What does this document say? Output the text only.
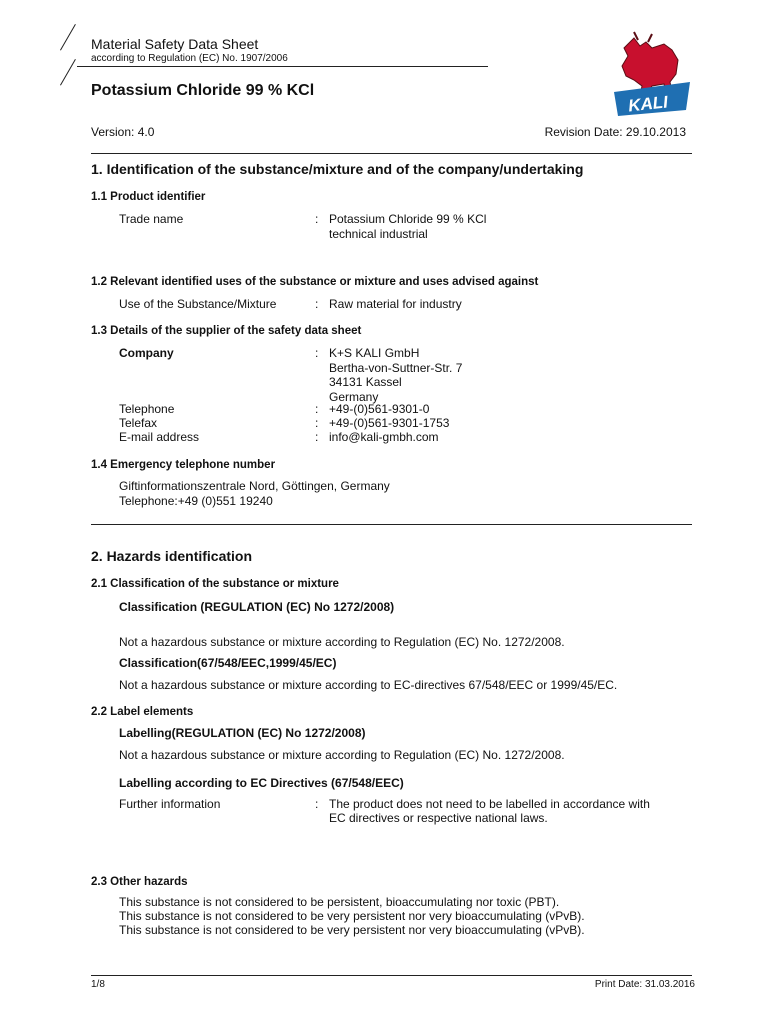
Material Safety Data Sheet
according to Regulation (EC) No. 1907/2006
Potassium Chloride 99 % KCl
KALI
Version: 4.0	Revision Date: 29.10.2013
1. Identification of the substance/mixture and of the company/undertaking
1.1 Product identifier
Trade name	: Potassium Chloride 99 % KCl
technical industrial
1.2 Relevant identified uses of the substance or mixture and uses advised against
Use of the Substance/Mixture	: Raw material for industry
1.3 Details of the supplier of the safety data sheet
Company	: K+S KALI GmbH
Bertha-von-Suttner-Str. 7
34131 Kassel
Germany
Telephone	: +49-(0)561-9301-0
Telefax	: +49-(0)561-9301-1753
E-mail address	: info@kali-gmbh.com
1.4 Emergency telephone number
Giftinformationszentrale Nord, Göttingen, Germany
Telephone:+49 (0)551 19240
2. Hazards identification
2.1 Classification of the substance or mixture
Classification (REGULATION (EC) No 1272/2008)
Not a hazardous substance or mixture according to Regulation (EC) No. 1272/2008.
Classification(67/548/EEC,1999/45/EC)
Not a hazardous substance or mixture according to EC-directives 67/548/EEC or 1999/45/EC.
2.2 Label elements
Labelling(REGULATION (EC) No 1272/2008)
Not a hazardous substance or mixture according to Regulation (EC) No. 1272/2008.
Labelling according to EC Directives (67/548/EEC)
Further information	: The product does not need to be labelled in accordance with
EC directives or respective national laws.
2.3 Other hazards
This substance is not considered to be persistent, bioaccumulating nor toxic (PBT).
This substance is not considered to be very persistent nor very bioaccumulating (vPvB).
This substance is not considered to be very persistent nor very bioaccumulating (vPvB).
1/8	Print Date: 31.03.2016
